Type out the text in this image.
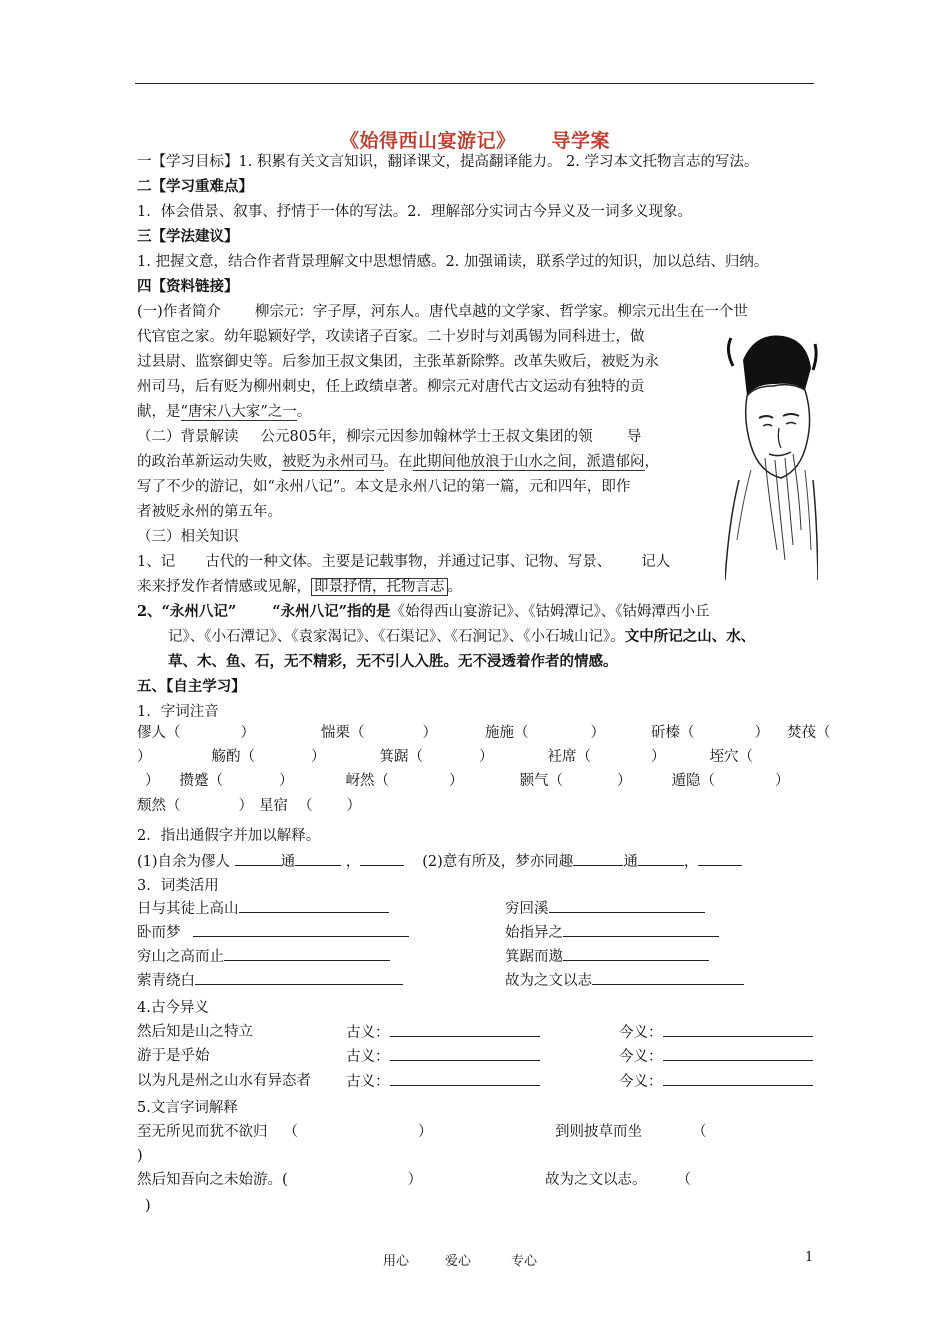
《始得西山宴游记》 导学案
一【学习目标】1. 积累有关文言知识，翻译课文，提高翻译能力。 2. 学习本文托物言志的写法。
二【学习重难点】
1．体会借景、叙事、抒情于一体的写法。2．理解部分实词古今异义及一词多义现象。
三【学法建议】
1. 把握文意，结合作者背景理解文中思想情感。2. 加强诵读，联系学过的知识，加以总结、归纳。
四【资料链接】
(一)作者简介 柳宗元：字子厚，河东人。唐代卓越的文学家、哲学家。柳宗元出生在一个世
代官宦之家。幼年聪颖好学，攻读诸子百家。二十岁时与刘禹锡为同科进士，做
过县尉、监察御史等。后参加王叔文集团，主张革新除弊。改革失败后，被贬为永
州司马，后有贬为柳州刺史，任上政绩卓著。柳宗元对唐代古文运动有独特的贡
献，是“唐宋八大家”之一。
（二）背景解读 公元805年，柳宗元因参加翰林学士王叔文集团的领 导
的政治革新运动失败，被贬为永州司马。在此期间他放浪于山水之间，派遣郁闷，
写了不少的游记，如“永州八记”。本文是永州八记的第一篇，元和四年，即作
者被贬永州的第五年。
（三）相关知识
1、记 古代的一种文体。主要是记载事物，并通过记事、记物、写景、 记人
来来抒发作者情感或见解， 即景抒情，托物言志 。
2、“永州八记” “永州八记”指的是《始得西山宴游记》、《钴姆潭记》、《钴姆潭西小丘
记》、《小石潭记》、《袁家渴记》、《石渠记》、《石涧记》、《小石城山记》。文中所记之山、水、
草、木、鱼、石，无不精彩，无不引人入胜。无不浸透着作者的情感。
五、【自主学习】
1．字词注音
僇人（	）	惴栗（	）	施施（	）	斫榛（	） 焚茷（
）	觞酌（	）	箕踞（	）	衽席（	）	垤穴（
） 攒蹙（	）	岈然（	）	颢气（	）	遁隐（	）
颓然（	） 星宿 （ ）
2．指出通假字并加以解释。
(1)自余为僇人	通	，	(2)意有所及，梦亦同趣	通	，
3．词类活用
日与其徒上高山	穷回溪
卧而梦	始指异之
穷山之高而止	箕踞而遨
萦青绕白	故为之文以志
4.古今异义
然后知是山之特立	古义：	今义：
游于是乎始	古义：	今义：
以为凡是州之山水有异态者 古义：	今义：
5.文言字词解释
至无所见而犹不欲归 （	）	到则披草而坐	（
)
然后知吾向之未始游。(	）	故为之文以志。 （
)
用心	爱心	专心	1
